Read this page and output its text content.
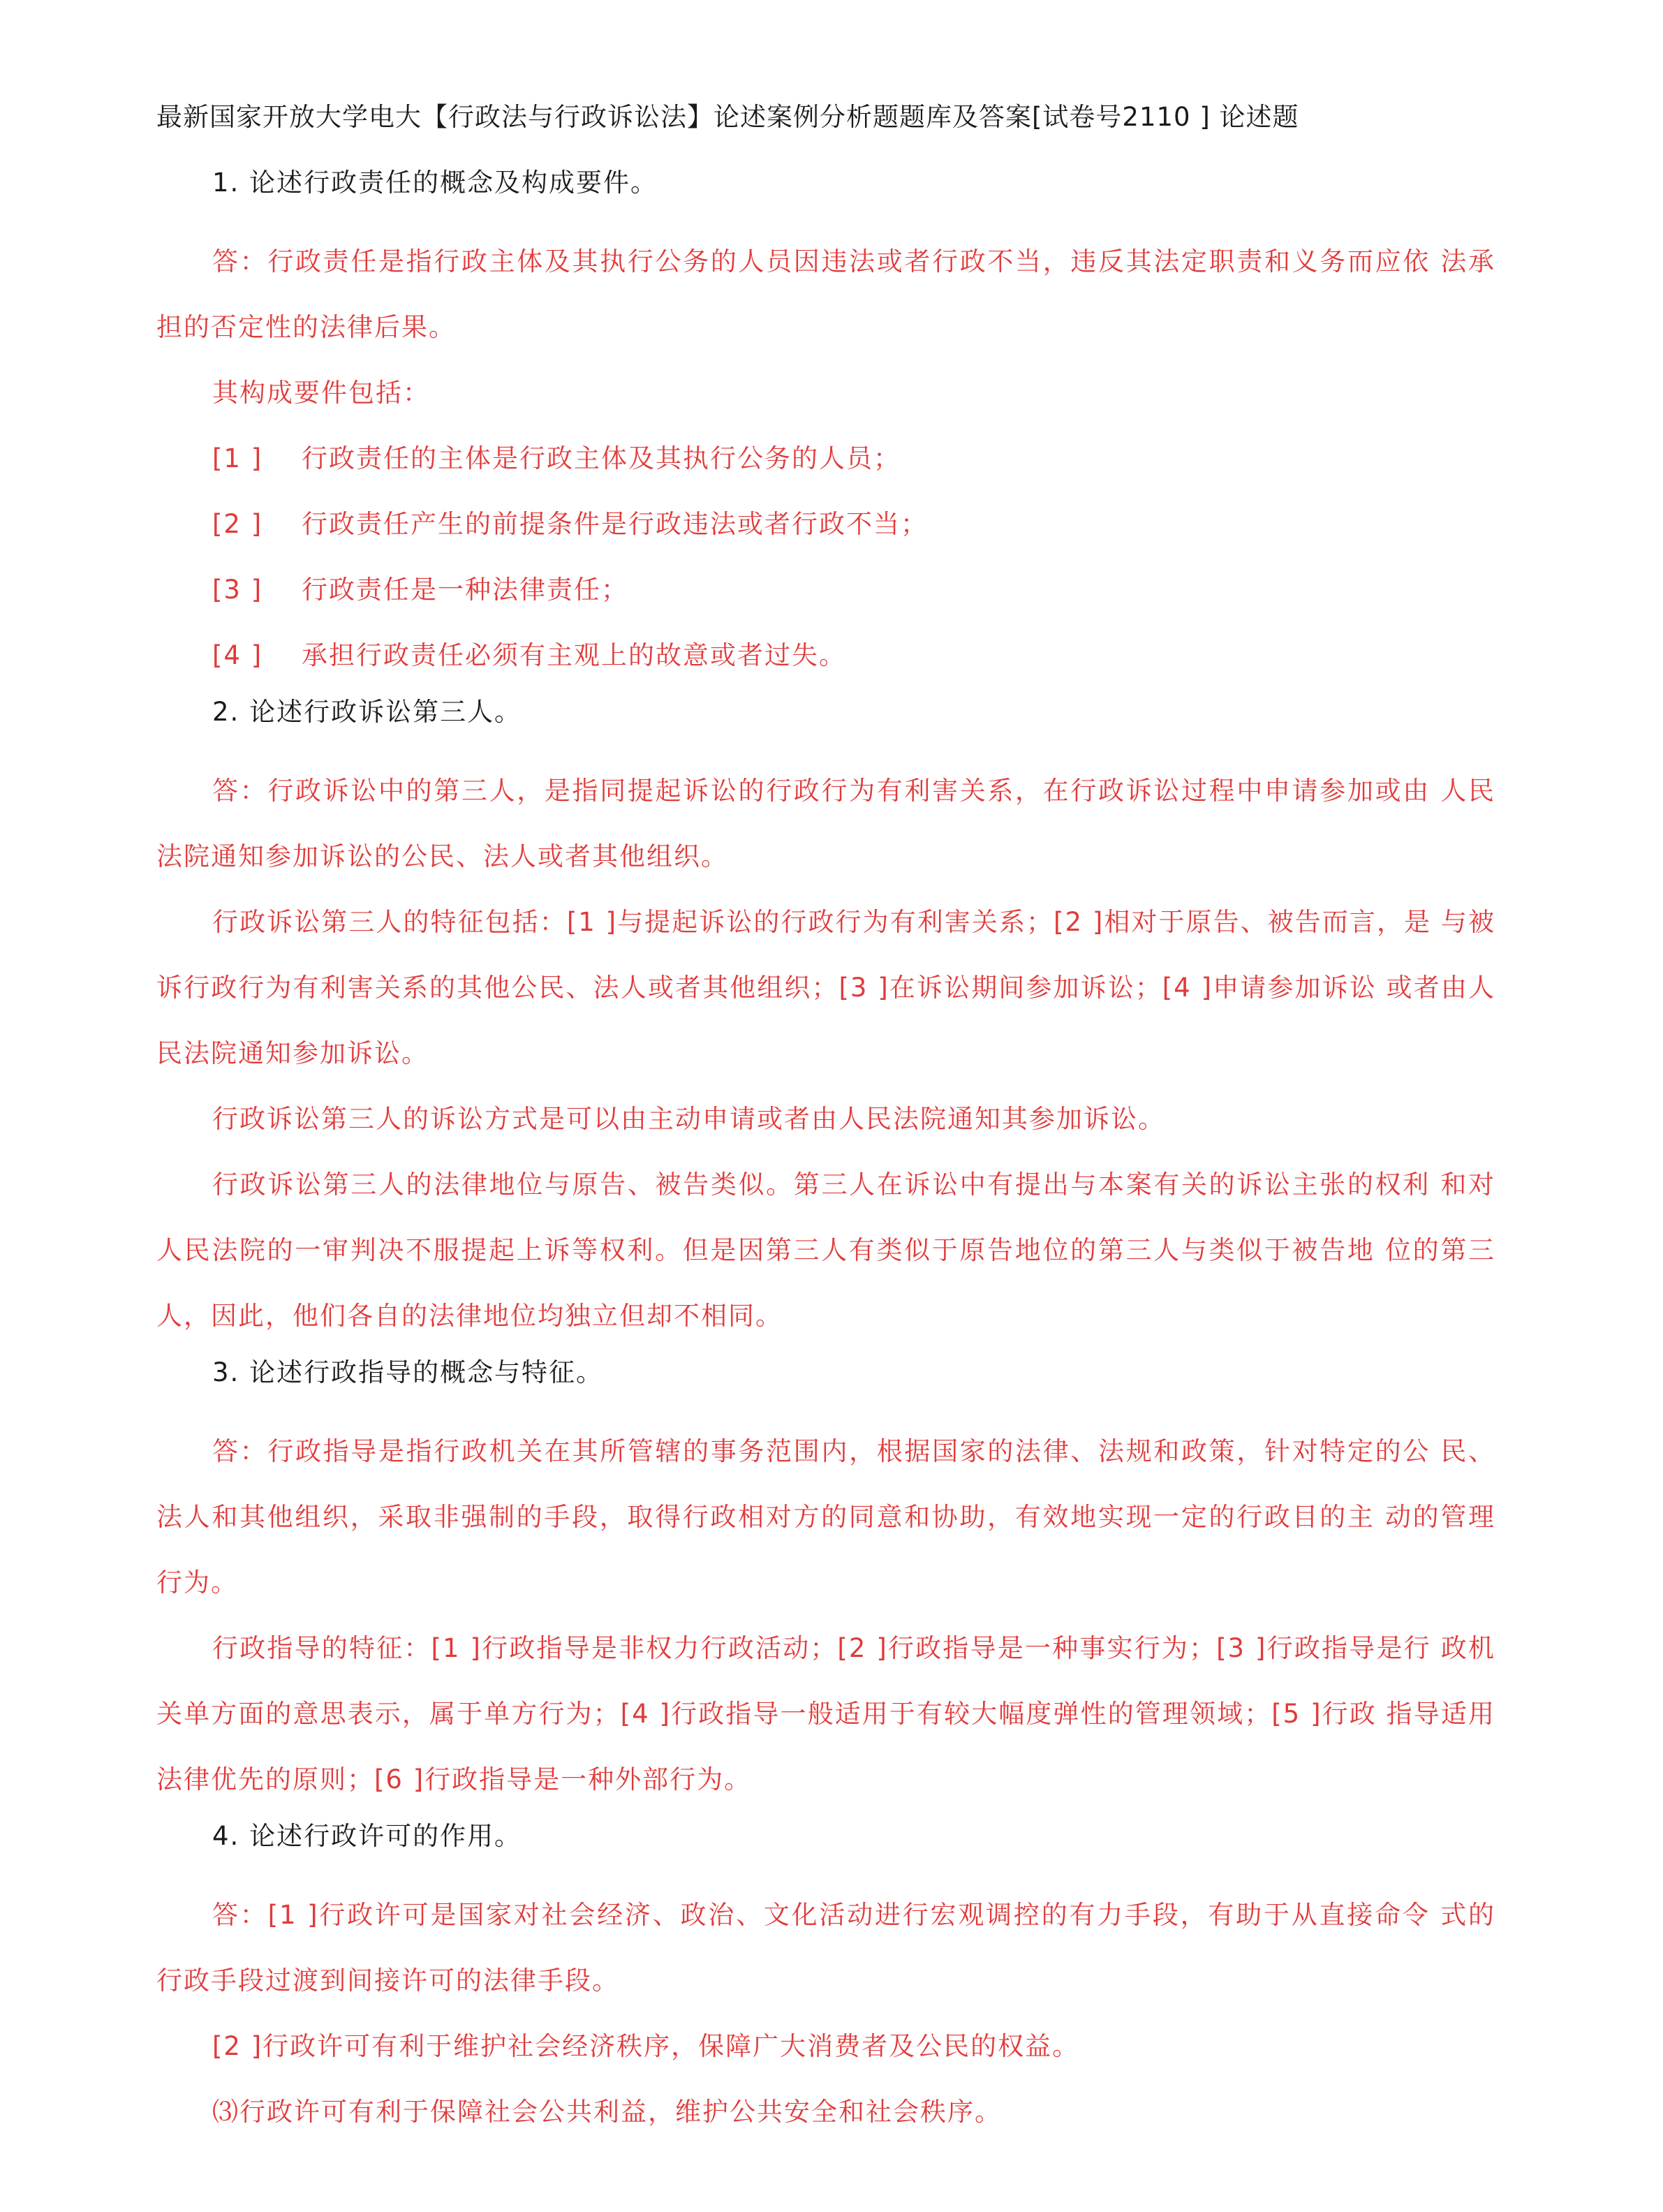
最新国家开放大学电大【行政法与行政诉讼法】论述案例分析题题库及答案[试卷号2110 ] 论述题

1. 论述行政责任的概念及构成要件。

答：行政责任是指行政主体及其执行公务的人员因违法或者行政不当，违反其法定职责和义务而应依 法承担的否定性的法律后果。

其构成要件包括：

[1 ] 行政责任的主体是行政主体及其执行公务的人员；

[2 ] 行政责任产生的前提条件是行政违法或者行政不当；

[3 ] 行政责任是一种法律责任；

[4 ] 承担行政责任必须有主观上的故意或者过失。

2. 论述行政诉讼第三人。

答：行政诉讼中的第三人，是指同提起诉讼的行政行为有利害关系，在行政诉讼过程中申请参加或由 人民法院通知参加诉讼的公民、法人或者其他组织。

行政诉讼第三人的特征包括：[1 ]与提起诉讼的行政行为有利害关系；[2 ]相对于原告、被告而言，是 与被诉行政行为有利害关系的其他公民、法人或者其他组织；[3 ]在诉讼期间参加诉讼；[4 ]申请参加诉讼 或者由人民法院通知参加诉讼。

行政诉讼第三人的诉讼方式是可以由主动申请或者由人民法院通知其参加诉讼。

行政诉讼第三人的法律地位与原告、被告类似。第三人在诉讼中有提出与本案有关的诉讼主张的权利 和对人民法院的一审判决不服提起上诉等权利。但是因第三人有类似于原告地位的第三人与类似于被告地 位的第三人，因此，他们各自的法律地位均独立但却不相同。

3. 论述行政指导的概念与特征。

答：行政指导是指行政机关在其所管辖的事务范围内，根据国家的法律、法规和政策，针对特定的公 民、法人和其他组织，采取非强制的手段，取得行政相对方的同意和协助，有效地实现一定的行政目的主 动的管理行为。

行政指导的特征：[1 ]行政指导是非权力行政活动；[2 ]行政指导是一种事实行为；[3 ]行政指导是行 政机关单方面的意思表示，属于单方行为；[4 ]行政指导一般适用于有较大幅度弹性的管理领域；[5 ]行政 指导适用法律优先的原则；[6 ]行政指导是一种外部行为。

4. 论述行政许可的作用。

答：[1 ]行政许可是国家对社会经济、政治、文化活动进行宏观调控的有力手段，有助于从直接命令 式的行政手段过渡到间接许可的法律手段。

[2 ]行政许可有利于维护社会经济秩序，保障广大消费者及公民的权益。

⑶行政许可有利于保障社会公共利益，维护公共安全和社会秩序。
